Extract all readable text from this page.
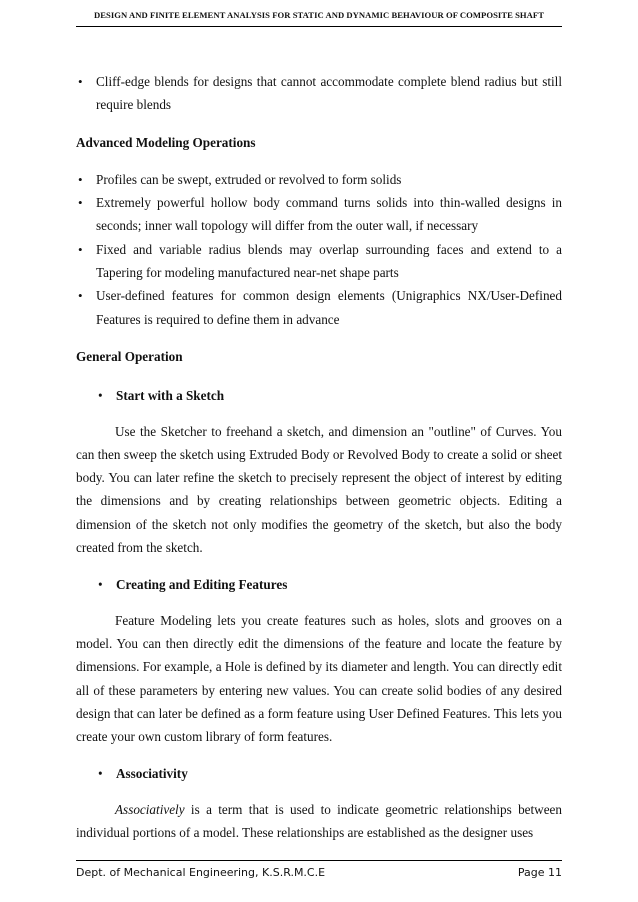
DESIGN AND FINITE ELEMENT ANALYSIS FOR STATIC AND DYNAMIC BEHAVIOUR OF COMPOSITE SHAFT

• Cliff-edge blends for designs that cannot accommodate complete blend radius but still require blends

Advanced Modeling Operations

• Profiles can be swept, extruded or revolved to form solids

• Extremely powerful hollow body command turns solids into thin-walled designs in seconds; inner wall topology will differ from the outer wall, if necessary

• Fixed and variable radius blends may overlap surrounding faces and extend to a Tapering for modeling manufactured near-net shape parts

• User-defined features for common design elements (Unigraphics NX/User-Defined Features is required to define them in advance

General Operation

• Start with a Sketch

Use the Sketcher to freehand a sketch, and dimension an "outline" of Curves. You can then sweep the sketch using Extruded Body or Revolved Body to create a solid or sheet body. You can later refine the sketch to precisely represent the object of interest by editing the dimensions and by creating relationships between geometric objects. Editing a dimension of the sketch not only modifies the geometry of the sketch, but also the body created from the sketch.

• Creating and Editing Features

Feature Modeling lets you create features such as holes, slots and grooves on a model. You can then directly edit the dimensions of the feature and locate the feature by dimensions. For example, a Hole is defined by its diameter and length. You can directly edit all of these parameters by entering new values. You can create solid bodies of any desired design that can later be defined as a form feature using User Defined Features. This lets you create your own custom library of form features.

• Associativity

Associatively is a term that is used to indicate geometric relationships between individual portions of a model. These relationships are established as the designer uses

Dept. of Mechanical Engineering, K.S.R.M.C.E	Page 11
